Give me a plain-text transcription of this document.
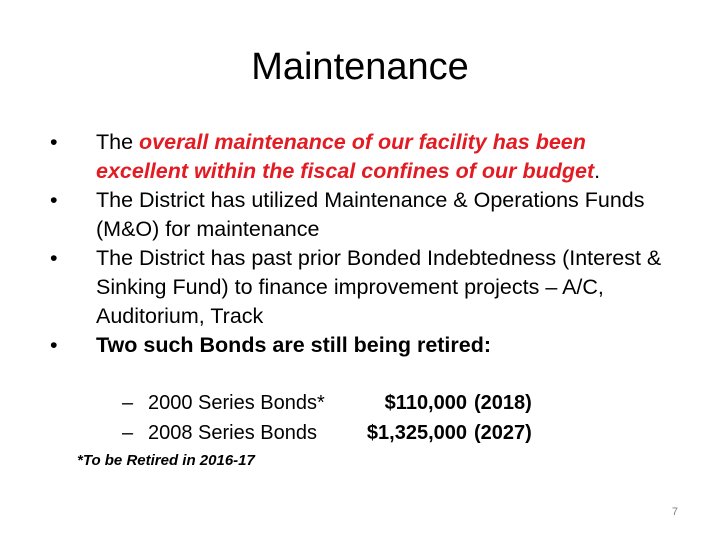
Maintenance
• The overall maintenance of our facility has been excellent within the fiscal confines of our budget.
• The District has utilized Maintenance & Operations Funds (M&O) for maintenance
• The District has past prior Bonded Indebtedness (Interest & Sinking Fund) to finance improvement projects – A/C, Auditorium, Track
• Two such Bonds are still being retired:
– 2000 Series Bonds*	$110,000 (2018)
– 2008 Series Bonds $1,325,000 (2027)
*To be Retired in 2016-17
7
